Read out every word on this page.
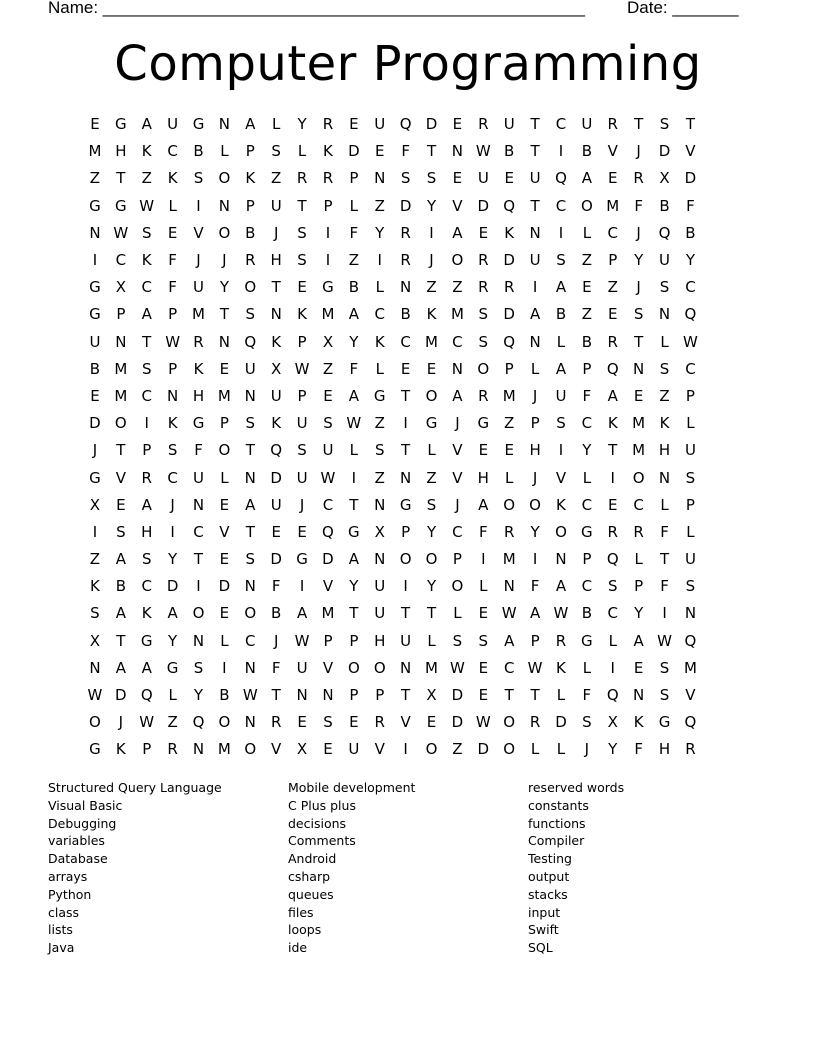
Name: ___________________________________________________ Date: _______
Computer Programming
E	G A	U G N	A	L	Y	R	E	U Q D	E	R	U	T	C	U	R	T	S	T
M H	K	C	B	L	P	S	L	K	D	E	F	T	N W B	T	I	B	V	J	D V
Z	T	Z	K	S	O	K	Z	R	R	P	N	S	S	E	U	E	U Q A	E	R	X D
G G W L	I	N	P	U	T	P	L	Z D	Y	V D Q	T	C O M	F	B	F
N W S	E	V O B	J	S	I	F	Y	R	I	A	E	K	N	I	L	C	J	Q B
I	C	K	F	J	J	R	H	S	I	Z	I	R	J	O R D U	S	Z	P	Y	U	Y
G X	C	F	U	Y	O	T	E	G B	L	N	Z	Z	R	R	I	A	E	Z	J	S	C
G	P	A	P M T	S	N	K M A	C	B	K M S	D A	B	Z	E	S	N Q
U N	T W R	N Q	K	P	X	Y	K	C M C	S	Q N	L	B	R	T	L W
B M S	P	K	E	U	X W Z	F	L	E	E	N O	P	L	A	P	Q N	S	C
E M C	N H M N U	P	E	A G	T	O A	R M	J	U	F	A	E	Z	P
D O	I	K	G	P	S	K	U	S W Z	I	G	J	G Z	P	S	C	K M K	L
J	T	P	S	F	O	T	Q	S	U	L	S	T	L	V	E	E	H	I	Y	T M H U
G V	R	C	U	L	N D U W	I	Z	N	Z	V	H	L	J	V	L	I	O N	S
X	E	A	J	N	E	A	U	J	C	T	N G	S	J	A O O	K	C	E	C	L	P
I	S	H	I	C	V	T	E	E	Q G X	P	Y	C	F	R	Y	O G R	R	F	L
Z	A	S	Y	T	E	S	D G D A	N O O	P	I	M	I	N	P	Q	L	T	U
K	B	C D	I	D N	F	I	V	Y	U	I	Y	O	L	N	F	A	C	S	P	F	S
S	A	K	A O	E	O B	A M T	U	T	T	L	E W A W B	C	Y	I	N
X	T	G	Y	N	L	C	J	W P	P	H U	L	S	S	A	P	R G	L	A W Q
N	A	A G	S	I	N	F	U	V O O N M W E	C W K	L	I	E	S M
W D Q	L	Y	B W T	N N	P	P	T	X D	E	T	T	L	F	Q N	S	V
O	J	W Z Q O N	R	E	S	E	R	V	E	D W O R D	S	X	K	G Q
G	K	P	R	N M O V	X	E	U	V	I	O Z D O	L	L	J	Y	F	H	R
Structured Query Language
Visual Basic
Debugging
variables
Database
arrays
Python
class
lists
Java
Mobile development
C Plus plus
decisions
Comments
Android
csharp
queues
files
loops
ide
reserved words
constants
functions
Compiler
Testing
output
stacks
input
Swift
SQL
